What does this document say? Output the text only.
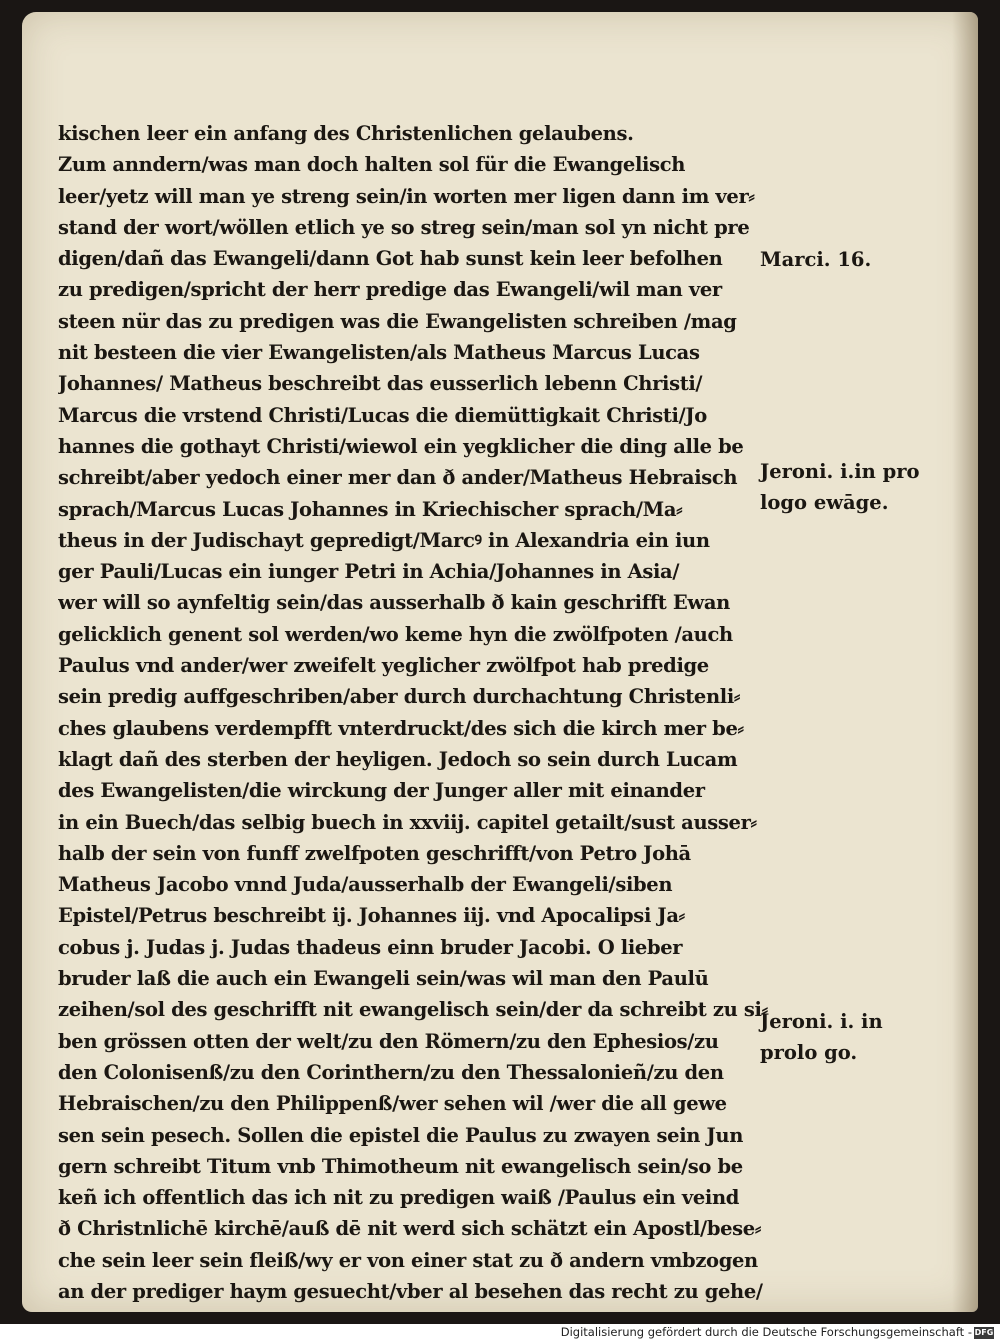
kischen leer ein anfang des Christenlichen gelaubens.
Zum anndern/was man doch halten sol für die Ewangelisch
leer/yetz will man ye streng sein/in worten mer ligen dann im ver⸗
stand der wort/wöllen etlich ye so streg sein/man sol yn nicht pre
digen/dañ das Ewangeli/dann Got hab sunst kein leer befolhen
zu predigen/spricht der herr predige das Ewangeli/wil man ver
steen nür das zu predigen was die Ewangelisten schreiben /mag
nit besteen die vier Ewangelisten/als Matheus Marcus Lucas
Johannes/ Matheus beschreibt das eusserlich lebenn Christi/
Marcus die vrstend Christi/Lucas die diemüttigkait Christi/Jo
hannes die gothayt Christi/wiewol ein yegklicher die ding alle be
schreibt/aber yedoch einer mer dan ð ander/Matheus Hebraisch
sprach/Marcus Lucas Johannes in Kriechischer sprach/Ma⸗
theus in der Judischayt gepredigt/Marcꝰ in Alexandria ein iun
ger Pauli/Lucas ein iunger Petri in Achia/Johannes in Asia/
wer will so aynfeltig sein/das ausserhalb ð kain geschrifft Ewan
gelicklich genent sol werden/wo keme hyn die zwölfpoten /auch
Paulus vnd ander/wer zweifelt yeglicher zwölfpot hab predige
sein predig auffgeschriben/aber durch durchachtung Christenli⸗
ches glaubens verdempfft vnterdruckt/des sich die kirch mer be⸗
klagt dañ des sterben der heyligen. Jedoch so sein durch Lucam
des Ewangelisten/die wirckung der Junger aller mit einander
in ein Buech/das selbig buech in xxviij. capitel getailt/sust ausser⸗
halb der sein von funff zwelfpoten geschrifft/von Petro Johā
Matheus Jacobo vnnd Juda/ausserhalb der Ewangeli/siben
Epistel/Petrus beschreibt ij. Johannes iij. vnd Apocalipsi Ja⸗
cobus j. Judas j. Judas thadeus einn bruder Jacobi. O lieber
bruder laß die auch ein Ewangeli sein/was wil man den Paulū
zeihen/sol des geschrifft nit ewangelisch sein/der da schreibt zu si⸗
ben grössen otten der welt/zu den Römern/zu den Ephesios/zu
den Colonisenß/zu den Corinthern/zu den Thessalonieñ/zu den
Hebraischen/zu den Philippenß/wer sehen wil /wer die all gewe
sen sein pesech. Sollen die epistel die Paulus zu zwayen sein Jun
gern schreibt Titum vnb Thimotheum nit ewangelisch sein/so be
keñ ich offentlich das ich nit zu predigen waiß /Paulus ein veind
ð Christnlichē kirchē/auß dē nit werd sich schätzt ein Apostl/bese⸗
che sein leer sein fleiß/wy er von einer stat zu ð andern vmbzogen
an der prediger haym gesuecht/vber al besehen das recht zu gehe/
Marci. 16.
Jeroni. i.in pro
logo ewāge.
Jeroni. i. in
prolo go.
Digitalisierung gefördert durch die Deutsche Forschungsgemeinschaft - DFG
